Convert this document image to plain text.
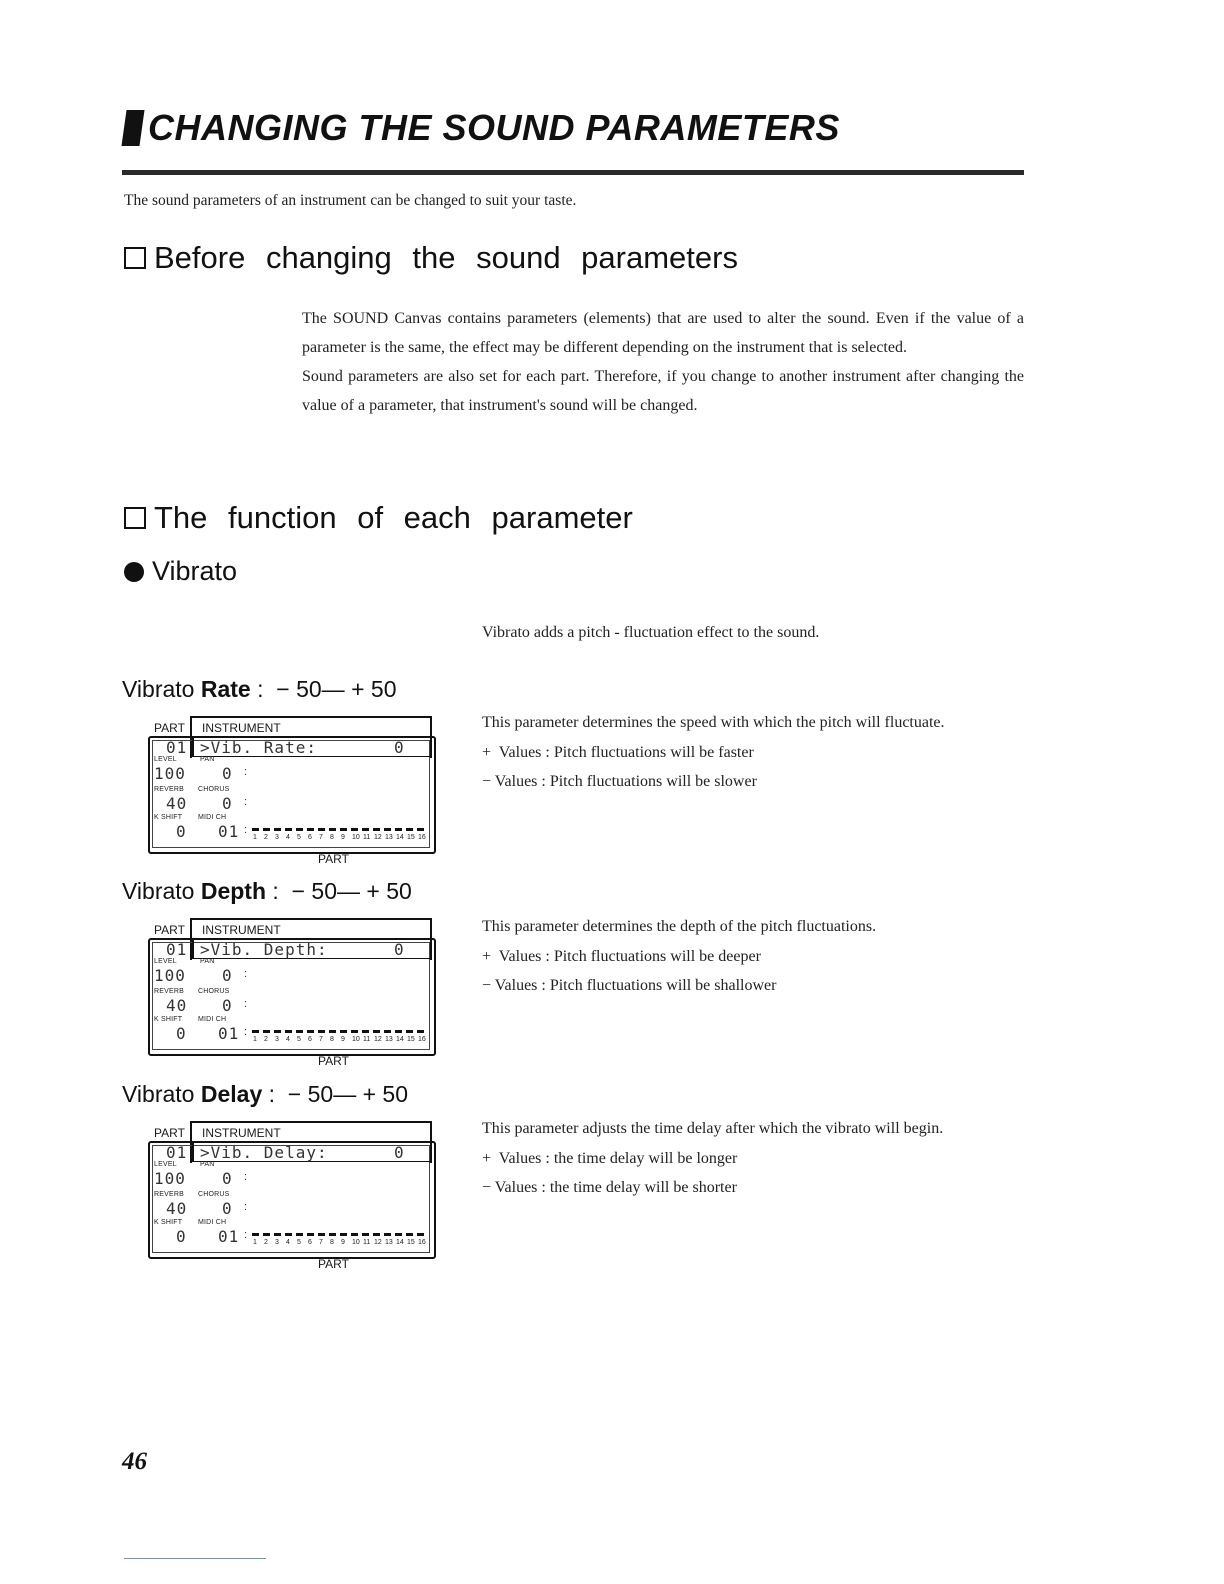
CHANGING THE SOUND PARAMETERS
The sound parameters of an instrument can be changed to suit your taste.
Before changing the sound parameters

The SOUND Canvas contains parameters (elements) that are used to alter the sound. Even if the value of a parameter is the same, the effect may be different depending on the instrument that is selected.

Sound parameters are also set for each part. Therefore, if you change to another instrument after changing the value of a parameter, that instrument's sound will be changed.

The function of each parameter
Vibrato
Vibrato adds a pitch - fluctuation effect to the sound.
Vibrato Rate :  − 50— + 50
This parameter determines the speed with which the pitch will fluctuate.
+  Values : Pitch fluctuations will be faster
− Values : Pitch fluctuations will be slower
PART INSTRUMENT
01 >Vib. Rate:	0
LEVEL	PAN
100 0 :
REVERB CHORUS
40 0 :
K SHIFT MIDI CH
0 01 :
1 2 3 4 5 6 7 8 9 10 11 12 13 14 15 16
PART
Vibrato Depth :  − 50— + 50
This parameter determines the depth of the pitch fluctuations.
+  Values : Pitch fluctuations will be deeper
− Values : Pitch fluctuations will be shallower
PART INSTRUMENT
01 >Vib. Depth:	0
LEVEL	PAN
100 0 :
REVERB CHORUS
40 0 :
K SHIFT MIDI CH
0 01 :
1 2 3 4 5 6 7 8 9 10 11 12 13 14 15 16
PART
Vibrato Delay :  − 50— + 50
This parameter adjusts the time delay after which the vibrato will begin.
+  Values : the time delay will be longer
− Values : the time delay will be shorter
PART INSTRUMENT
01 >Vib. Delay:	0
LEVEL	PAN
100 0 :
REVERB CHORUS
40 0 :
K SHIFT MIDI CH
0 01 :
1 2 3 4 5 6 7 8 9 10 11 12 13 14 15 16
PART
46
